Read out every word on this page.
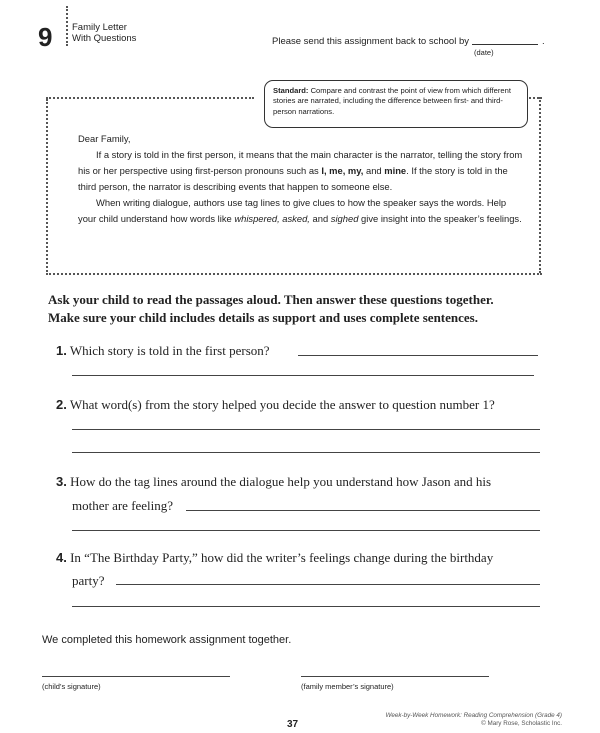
9 Family Letter
With Questions	Please send this assignment back to school by	.
(date)
Standard: Compare and contrast the point of view from which different stories are narrated, including the difference between first- and third-person narrations.

Dear Family,

If a story is told in the first person, it means that the main character is the narrator, telling the story from his or her perspective using first-person pronouns such as I, me, my, and mine. If the story is told in the third person, the narrator is describing events that happen to someone else.

When writing dialogue, authors use tag lines to give clues to how the speaker says the words. Help your child understand how words like whispered, asked, and sighed give insight into the speaker’s feelings.

Ask your child to read the passages aloud. Then answer these questions together.
Make sure your child includes details as support and uses complete sentences.
1. Which story is told in the first person?
2. What word(s) from the story helped you decide the answer to question number 1?
3. How do the tag lines around the dialogue help you understand how Jason and his
mother are feeling?
4. In “The Birthday Party,” how did the writer’s feelings change during the birthday
party?
We completed this homework assignment together.
(child’s signature)	(family member’s signature)
37
Week-by-Week Homework: Reading Comprehension (Grade 4)
© Mary Rose, Scholastic Inc.
